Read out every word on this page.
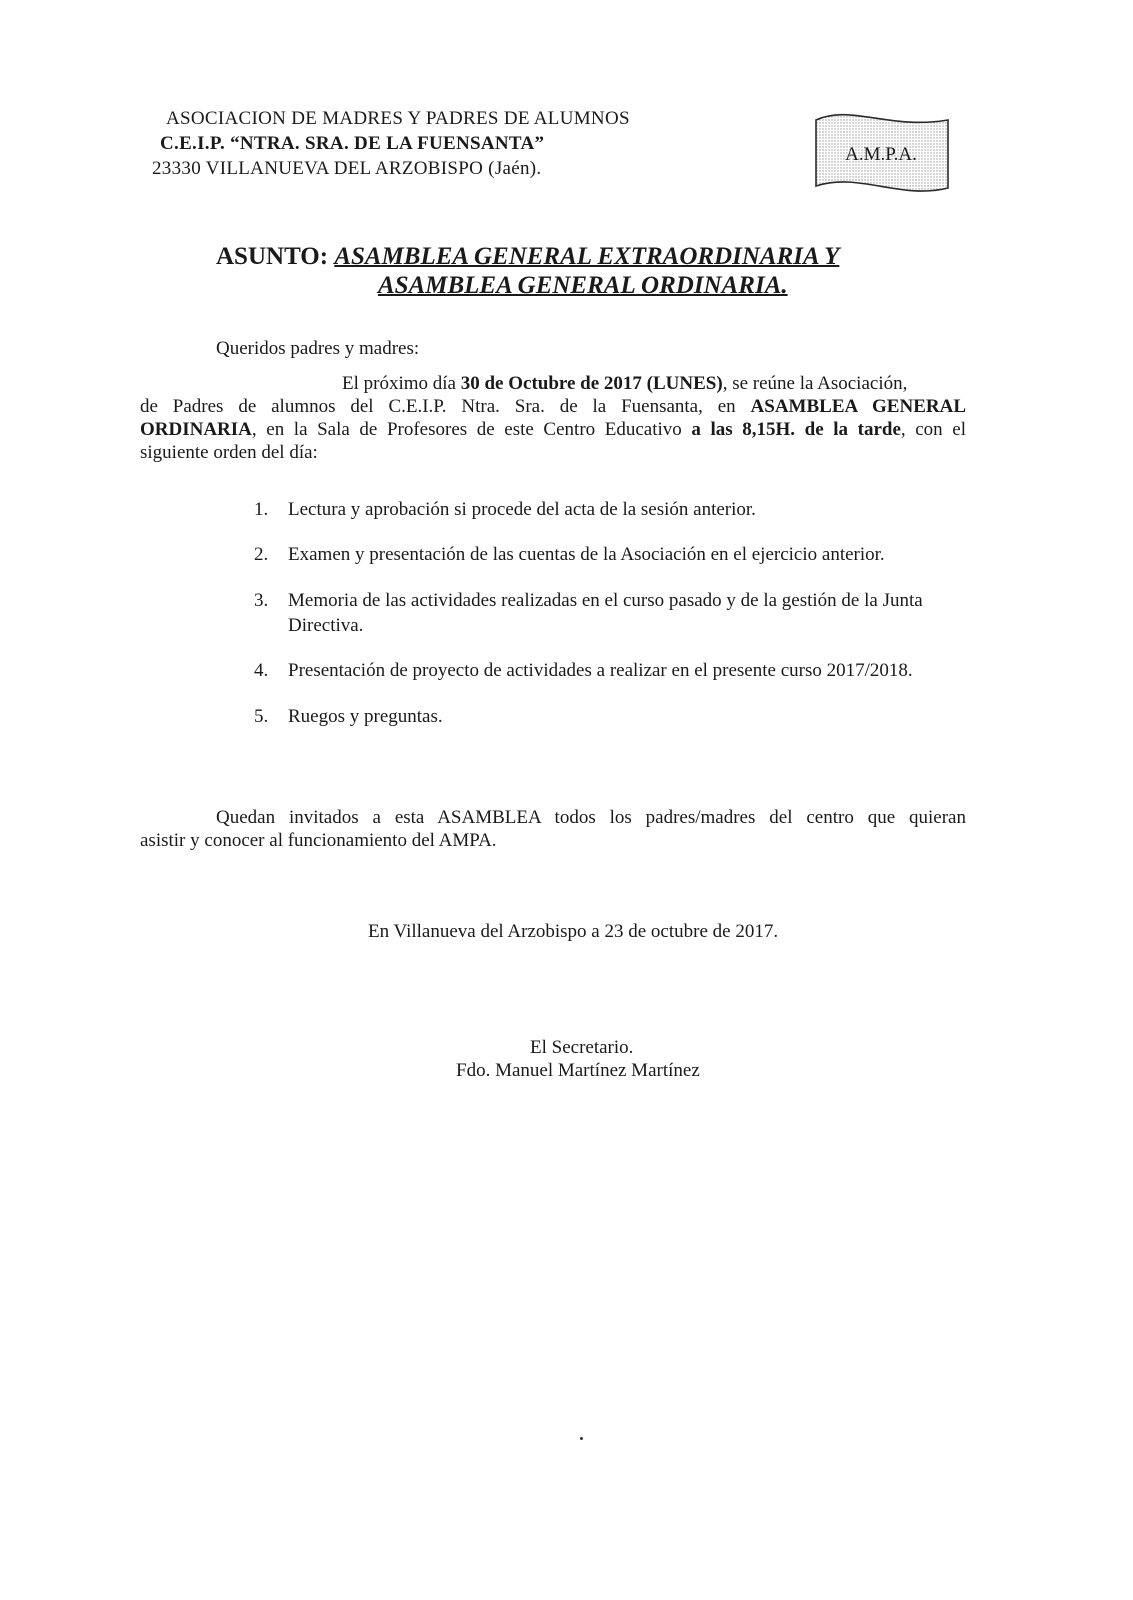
ASOCIACION DE MADRES Y PADRES DE ALUMNOS
C.E.I.P. “NTRA. SRA. DE LA FUENSANTA”
23330 VILLANUEVA DEL ARZOBISPO (Jaén).
A.M.P.A.
ASUNTO: ASAMBLEA GENERAL EXTRAORDINARIA Y
ASAMBLEA GENERAL ORDINARIA.
Queridos padres y madres:
El próximo día 30 de Octubre de 2017 (LUNES), se reúne la Asociación,
de Padres de alumnos del C.E.I.P. Ntra. Sra. de la Fuensanta, en ASAMBLEA GENERAL
ORDINARIA, en la Sala de Profesores de este Centro Educativo a las 8,15H. de la tarde, con el
siguiente orden del día:
1. Lectura y aprobación si procede del acta de la sesión anterior.
2. Examen y presentación de las cuentas de la Asociación en el ejercicio anterior.
3. Memoria de las actividades realizadas en el curso pasado y de la gestión de la Junta Directiva.
4. Presentación de proyecto de actividades a realizar en el presente curso 2017/2018.
5. Ruegos y preguntas.
Quedan invitados a esta ASAMBLEA todos los padres/madres del centro que quieran
asistir y conocer al funcionamiento del AMPA.
En Villanueva del Arzobispo a 23 de octubre de 2017.
El Secretario.
Fdo. Manuel Martínez Martínez
